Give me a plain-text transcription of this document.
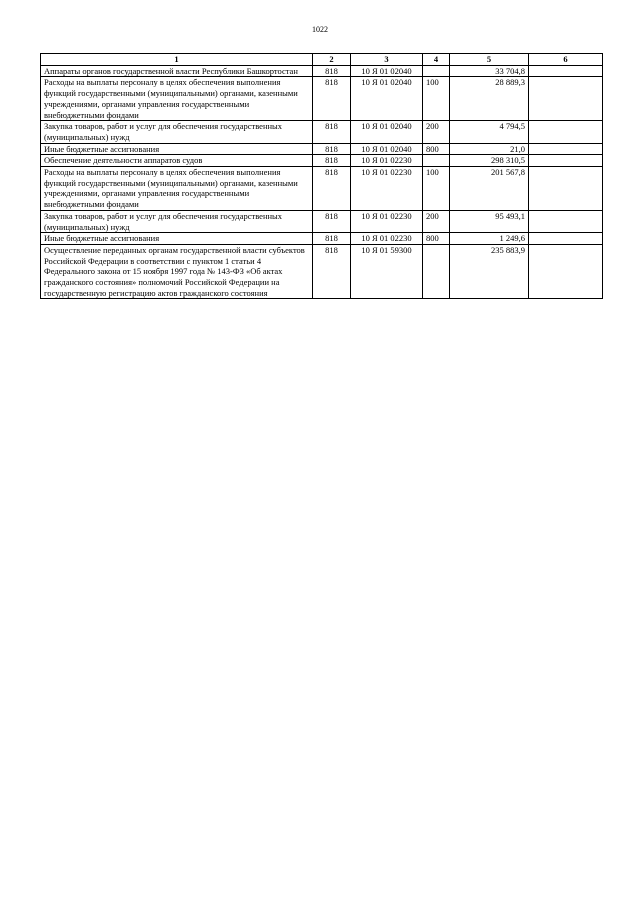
1022
1	2	3	4	5	6
Аппараты органов государственной власти Республики Башкортостан	818	10 Я 01 02040		33 704,8	
Расходы на выплаты персоналу в целях обеспечения выполнения функций государственными (муниципальными) органами, казенными учреждениями, органами управления государственными внебюджетными фондами	818	10 Я 01 02040	100	28 889,3	
Закупка товаров, работ и услуг для обеспечения государственных (муниципальных) нужд	818	10 Я 01 02040	200	4 794,5	
Иные бюджетные ассигнования	818	10 Я 01 02040	800	21,0	
Обеспечение деятельности аппаратов судов	818	10 Я 01 02230		298 310,5	
Расходы на выплаты персоналу в целях обеспечения выполнения функций государственными (муниципальными) органами, казенными учреждениями, органами управления государственными внебюджетными фондами	818	10 Я 01 02230	100	201 567,8	
Закупка товаров, работ и услуг для обеспечения государственных (муниципальных) нужд	818	10 Я 01 02230	200	95 493,1	
Иные бюджетные ассигнования	818	10 Я 01 02230	800	1 249,6	
Осуществление переданных органам государственной власти субъектов Российской Федерации в соответствии с пунктом 1 статьи 4 Федерального закона от 15 ноября 1997 года № 143-ФЗ «Об актах гражданского состояния» полномочий Российской Федерации на государственную регистрацию актов гражданского состояния	818	10 Я 01 59300		235 883,9	
